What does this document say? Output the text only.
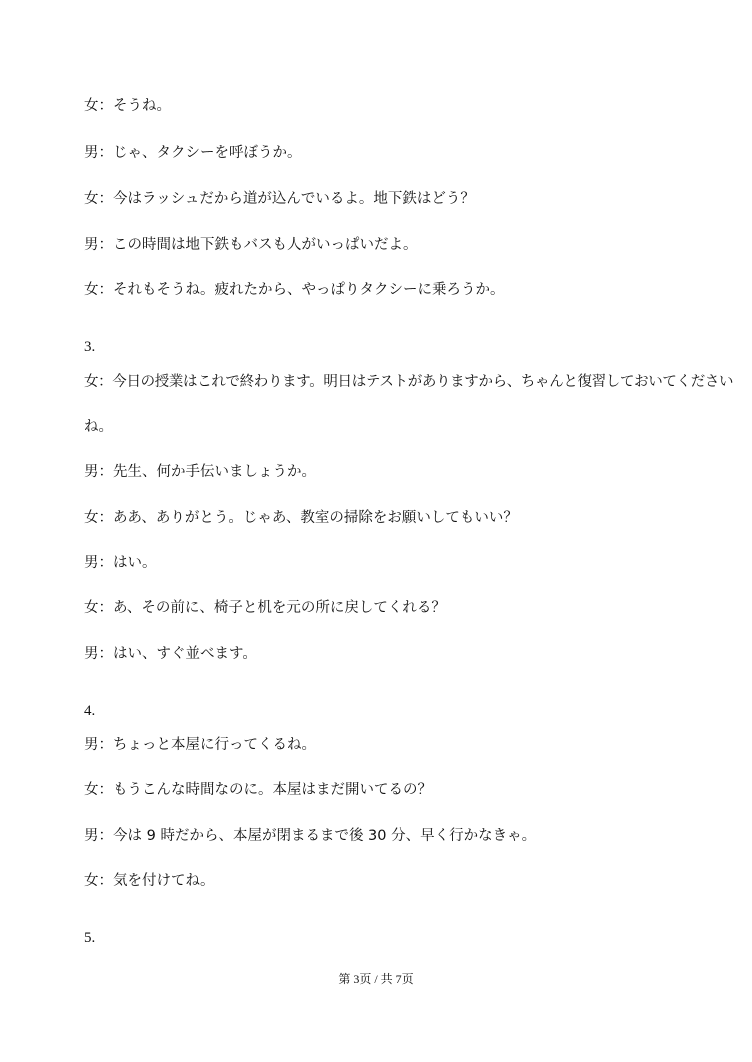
女：そうね。
男：じゃ、タクシーを呼ぼうか。
女：今はラッシュだから道が込んでいるよ。地下鉄はどう？
男：この時間は地下鉄もバスも人がいっぱいだよ。
女：それもそうね。疲れたから、やっぱりタクシーに乗ろうか。
3.
女：今日の授業はこれで終わります。明日はテストがありますから、ちゃんと復習しておいてください
ね。
男：先生、何か手伝いましょうか。
女：ああ、ありがとう。じゃあ、教室の掃除をお願いしてもいい？
男：はい。
女：あ、その前に、椅子と机を元の所に戻してくれる？
男：はい、すぐ並べます。
4.
男：ちょっと本屋に行ってくるね。
女：もうこんな時間なのに。本屋はまだ開いてるの？
男：今は 9 時だから、本屋が閉まるまで後 30 分、早く行かなきゃ。
女：気を付けてね。
5.
第 3页 / 共 7页
